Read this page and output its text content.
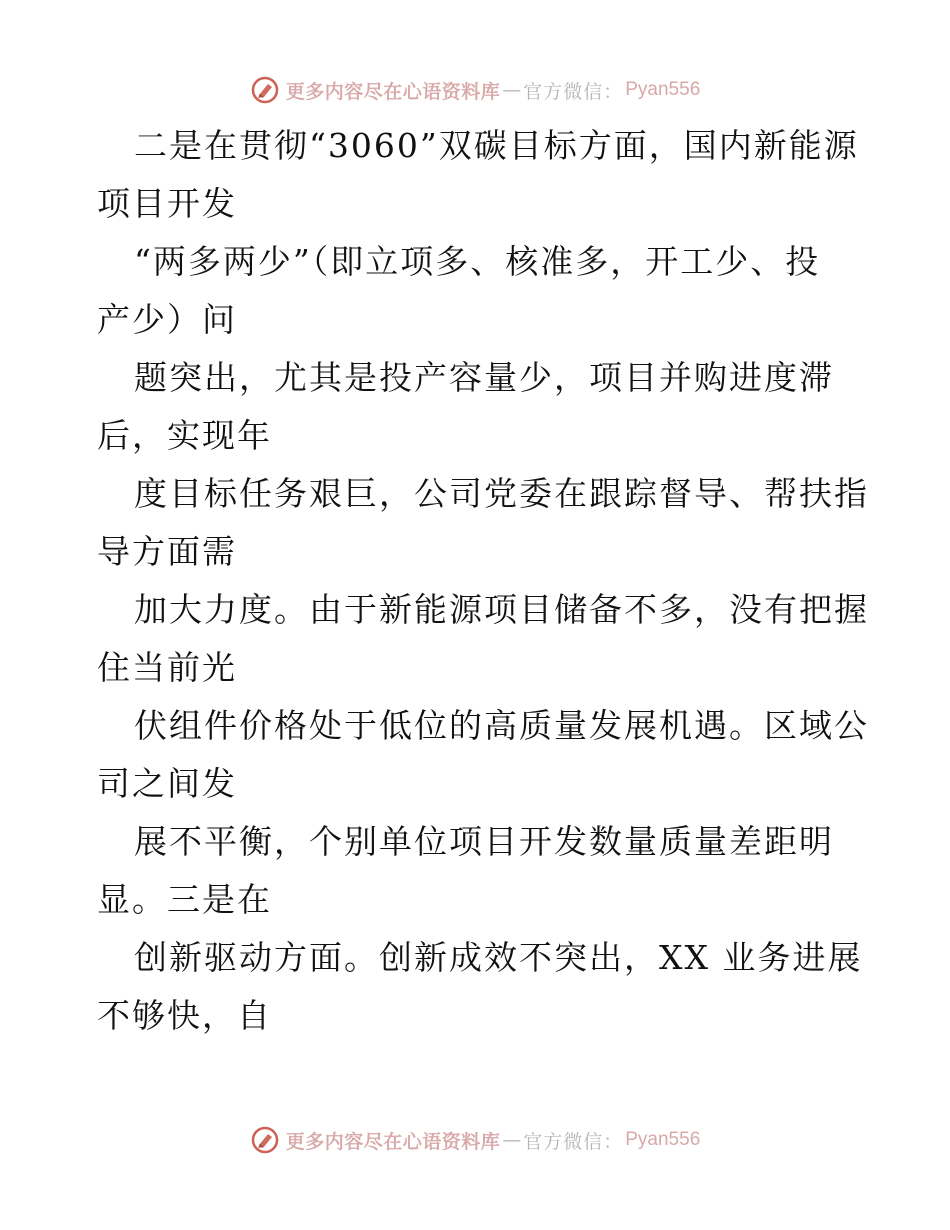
更多内容尽在心语资料库 — 官方微信： Pyan556
二是在贯彻“3060”双碳目标方面，国内新能源
项目开发
“两多两少”（即立项多、核准多，开工少、投
产少）问
题突出，尤其是投产容量少，项目并购进度滞
后，实现年
度目标任务艰巨，公司党委在跟踪督导、帮扶指
导方面需
加大力度。由于新能源项目储备不多，没有把握
住当前光
伏组件价格处于低位的高质量发展机遇。区域公
司之间发
展不平衡，个别单位项目开发数量质量差距明
显。三是在
创新驱动方面。创新成效不突出，XX 业务进展
不够快，自
更多内容尽在心语资料库 — 官方微信： Pyan556
